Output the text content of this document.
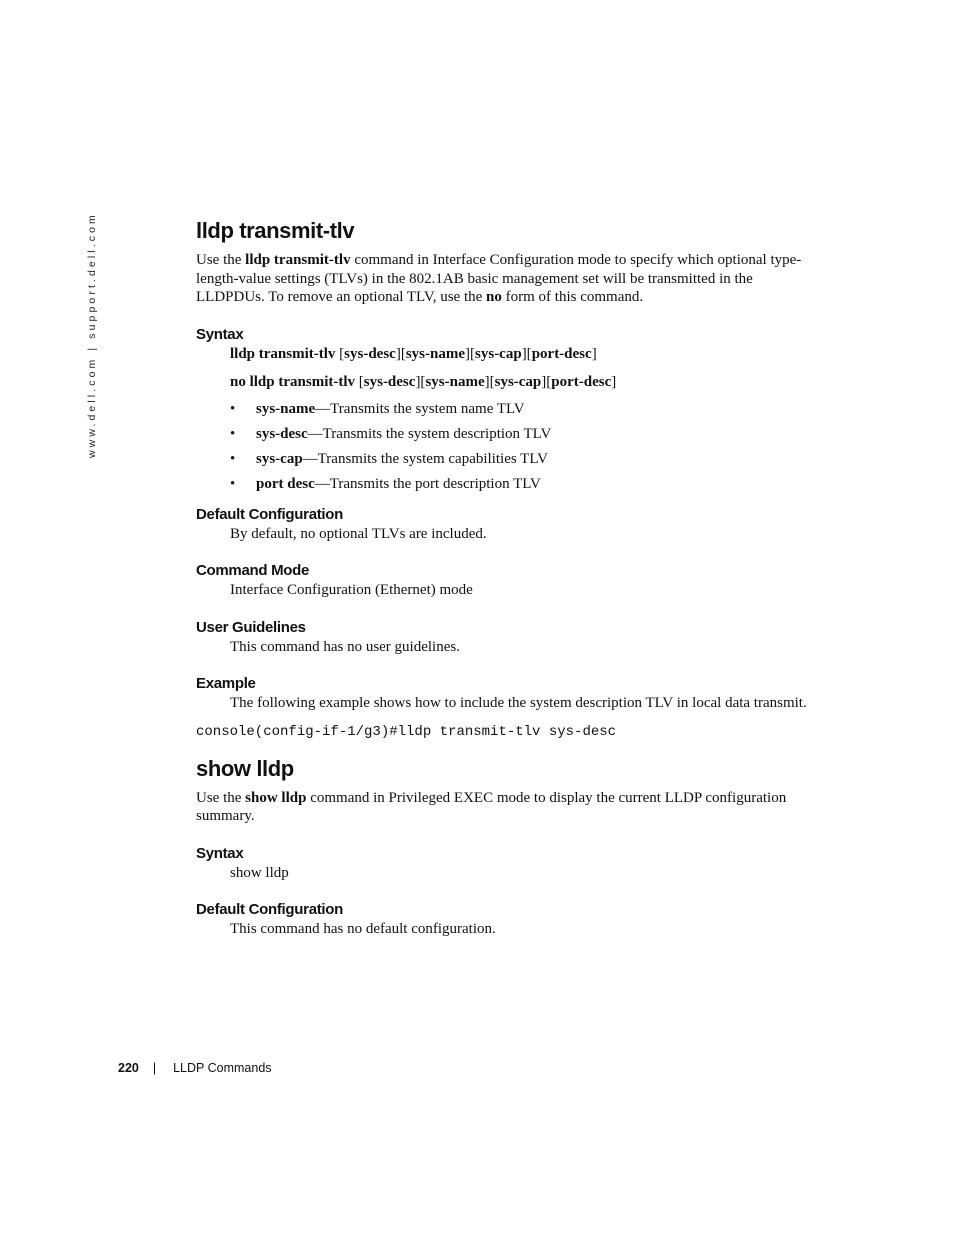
www.dell.com | support.dell.com	lldp transmit-tlv

Use the lldp transmit-tlv command in Interface Configuration mode to specify which optional type-length-value settings (TLVs) in the 802.1AB basic management set will be transmitted in the LLDPDUs. To remove an optional TLV, use the no form of this command.

Syntax
lldp transmit-tlv [sys-desc][sys-name][sys-cap][port-desc]
no lldp transmit-tlv [sys-desc][sys-name][sys-cap][port-desc]
• sys-name—Transmits the system name TLV
• sys-desc—Transmits the system description TLV
• sys-cap—Transmits the system capabilities TLV
• port desc—Transmits the port description TLV
Default Configuration

By default, no optional TLVs are included.

Command Mode

Interface Configuration (Ethernet) mode

User Guidelines

This command has no user guidelines.

Example

The following example shows how to include the system description TLV in local data transmit.

console(config-if-1/g3)#lldp transmit-tlv sys-desc
show lldp

Use the show lldp command in Privileged EXEC mode to display the current LLDP configuration summary.

Syntax

show lldp

Default Configuration

This command has no default configuration.

220 | LLDP Commands
